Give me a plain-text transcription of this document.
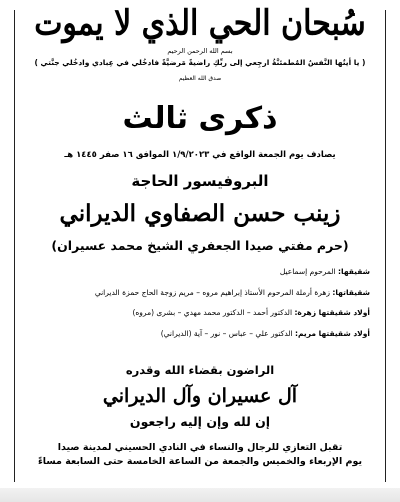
سُبحان الحي الذي لا يموت
بسم الله الرحمن الرحيم
( يا أيتُها النَّفسُ المُطمئنَّةُ ارجِعي إلى ربِّكِ راضيةً مَرضيَّةً فادخُلي في عِبادي وادخُلي جنَّتي )
صدق الله العظيم
ذكرى ثالث
يصادف يوم الجمعة الواقع في ١/٩/٢٠٢٣ الموافق ١٦ صفر ١٤٤٥ هـ
البروفيسور الحاجة
زينب حسن الصفاوي الديراني
(حرم مفتي صيدا الجعفري الشيخ محمد عسيران)
شقيقها: المرحوم إسماعيل
شقيقاتها: زهرة أرملة المرحوم الأستاذ إبراهيم مروه – مريم زوجة الحاج حمزة الديراني
أولاد شقيقتها زهرة: الدكتور أحمد – الدكتور محمد مهدي – بشرى (مروه)
أولاد شقيقتها مريم: الدكتور علي – عباس – نور – آية (الديراني)
الراضون بقضاء الله وقدره
آل عسيران وآل الديراني
إن لله وإن إليه راجعون
تقبل التعازي للرجال والنساء في النادي الحسيني لمدينة صيدا
يوم الإربعاء والخميس والجمعة من الساعة الخامسة حتى السابعة مساءً
